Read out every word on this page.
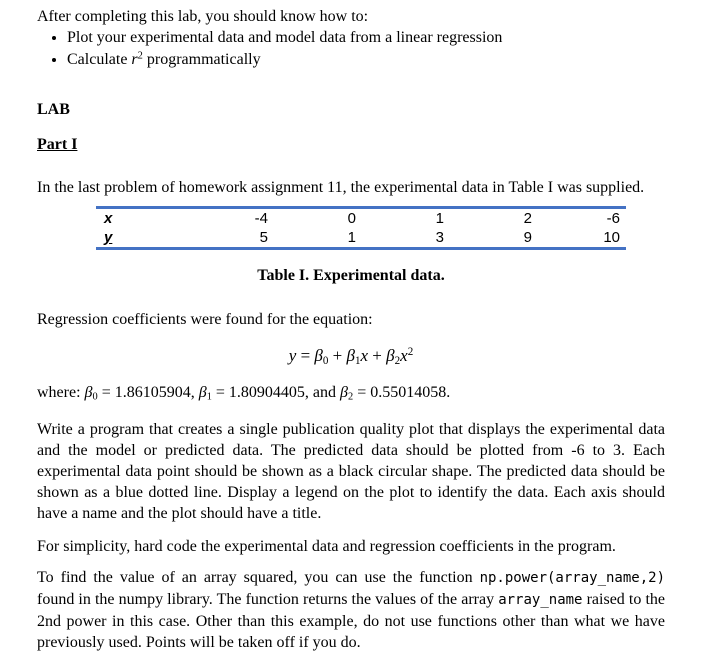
After completing this lab, you should know how to:

• Plot your experimental data and model data from a linear regression
• Calculate $r^2$ programmatically

LAB

Part I

In the last problem of homework assignment 11, the experimental data in Table I was supplied.

x	-4	0	1	2	-6
y	5	1	3	9	10

Table I. Experimental data.

Regression coefficients were found for the equation:

$y = \beta_0 + \beta_1x + \beta_2x^2$

where: $\beta_0 = 1.86105904$, $\beta_1 = 1.80904405$, and $\beta_2 = 0.55014058$.

Write a program that creates a single publication quality plot that displays the experimental data and the model or predicted data. The predicted data should be plotted from -6 to 3. Each experimental data point should be shown as a black circular shape. The predicted data should be shown as a blue dotted line. Display a legend on the plot to identify the data. Each axis should have a name and the plot should have a title.

For simplicity, hard code the experimental data and regression coefficients in the program.

To find the value of an array squared, you can use the function np.power(array_name,2) found in the numpy library. The function returns the values of the array array_name raised to the 2nd power in this case. Other than this example, do not use functions other than what we have previously used. Points will be taken off if you do.
